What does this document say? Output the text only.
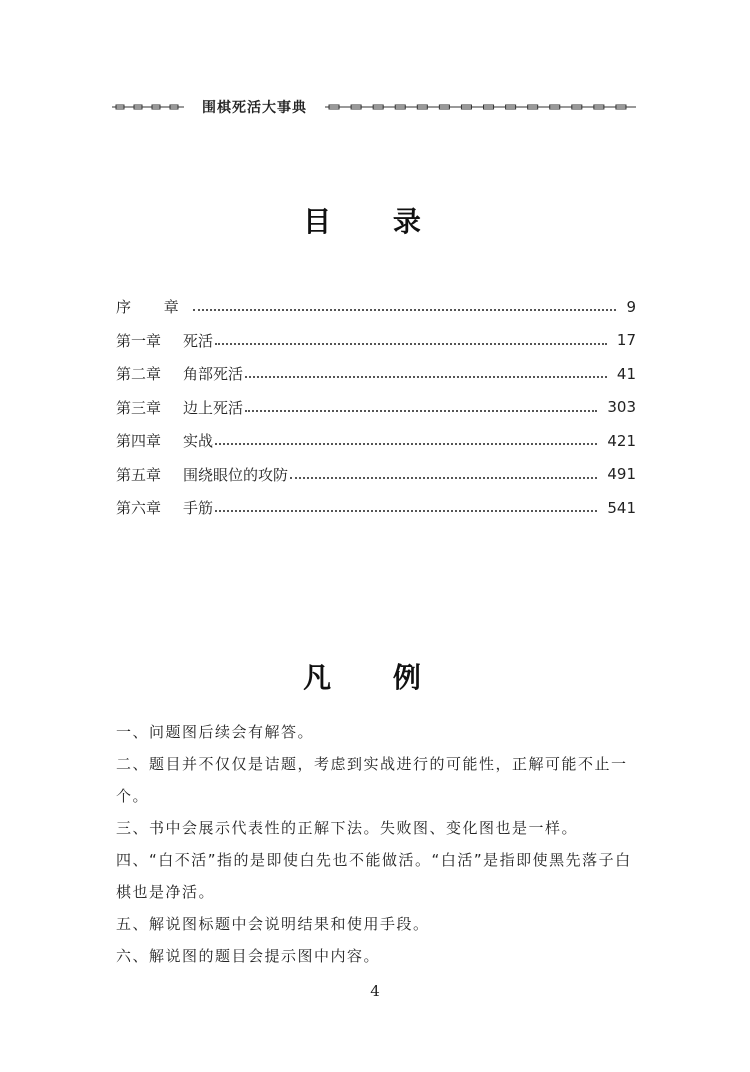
围棋死活大事典
目 录
序 章	9
第一章 死活	17
第二章 角部死活	41
第三章 边上死活	303
第四章 实战	421
第五章 围绕眼位的攻防	491
第六章 手筋	541
凡 例
一、问题图后续会有解答。
二、题目并不仅仅是诘题，考虑到实战进行的可能性，正解可能不止一个。
三、书中会展示代表性的正解下法。失败图、变化图也是一样。
四、“白不活”指的是即使白先也不能做活。“白活”是指即使黑先落子白棋也是净活。
五、解说图标题中会说明结果和使用手段。
六、解说图的题目会提示图中内容。
4
